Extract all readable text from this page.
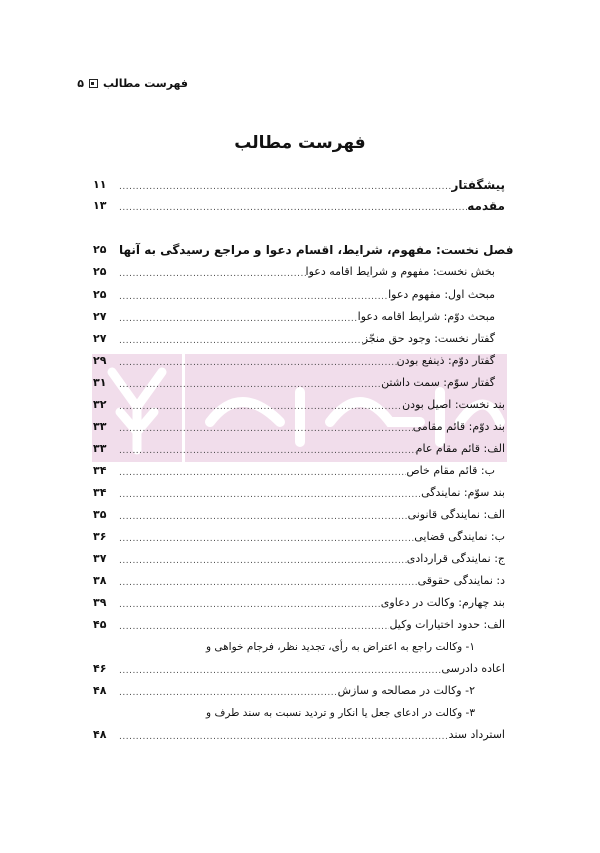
فهرست مطالب
۵
فهرست مطالب
۱۱ .....	پیشگفتار
۱۳ .....	مقدمه
۲۵	فصل نخست: مفهوم، شرایط، اقسام دعوا و مراجع رسیدگی به آنها
۲۵ .....	بخش نخست: مفهوم و شرایط اقامه دعوا
۲۵ .....	مبحث اول: مفهوم دعوا
۲۷ .....	مبحث دوّم: شرایط اقامه دعوا
۲۷ .....	گفتار نخست: وجود حق منجّز
۲۹ .....	گفتار دوّم: ذینفع بودن
۳۱ .....	گفتار سوّم: سمت داشتن
۳۲ .....	بند نخست: اصیل بودن
۳۳ .....	بند دوّم: قائم مقامی
۳۳ .....	الف: قائم مقام عام
۳۴ .....	ب: قائم مقام خاص
۳۴ .....	بند سوّم: نمایندگی
۳۵ .....	الف: نمایندگی قانونی
۳۶ .....	ب: نمایندگی قضایی
۳۷ .....	ج: نمایندگی قراردادی
۳۸ .....	د: نمایندگی حقوقی
۳۹ .....	بند چهارم: وکالت در دعاوی
۴۵ .....	الف: حدود اختیارات وکیل
۱- وکالت راجع به اعتراض به رأی، تجدید نظر، فرجام خواهی و
۴۶ .....	اعاده دادرسی
۴۸ .....	۲- وکالت در مصالحه و سازش
۳- وکالت در ادعای جعل یا انکار و تردید نسبت به سند طرف و
۴۸ .....	استرداد سند
